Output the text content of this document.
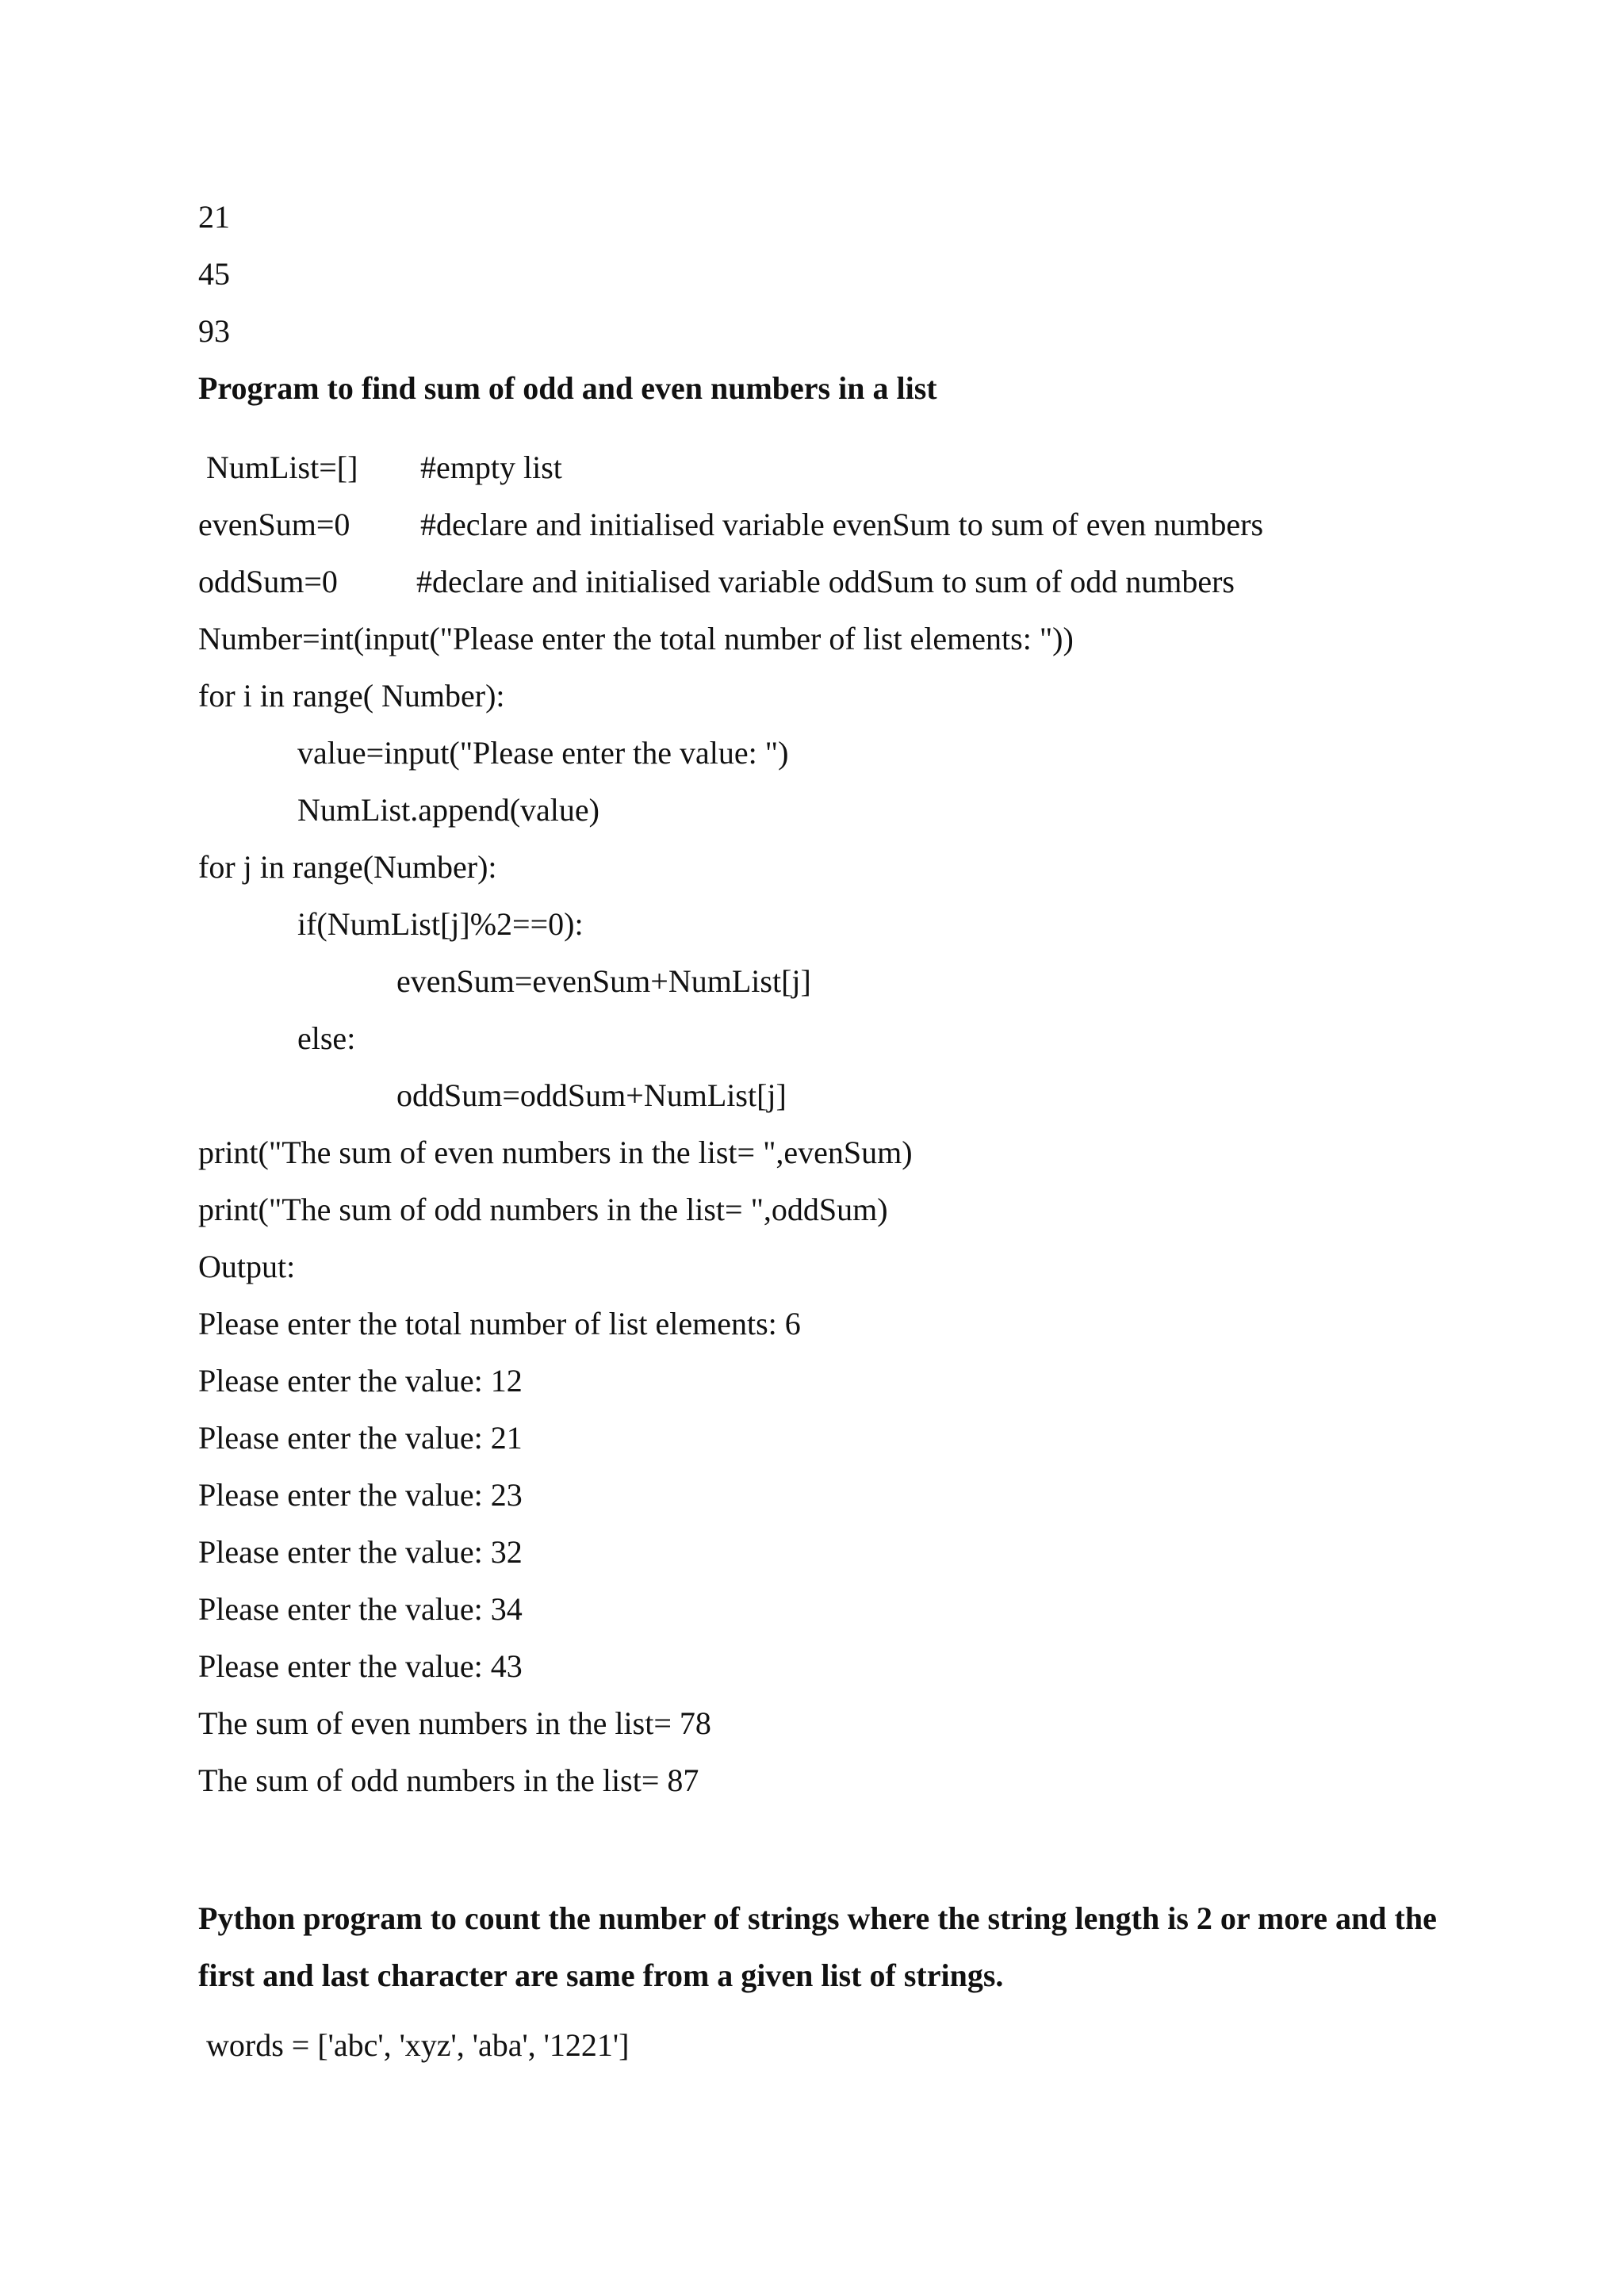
21
45
93
Program to find sum of odd and even numbers in a list
NumList=[] #empty list
evenSum=0 #declare and initialised variable evenSum to sum of even numbers
oddSum=0 #declare and initialised variable oddSum to sum of odd numbers
Number=int(input("Please enter the total number of list elements: "))
for i in range( Number):
value=input("Please enter the value: ")
NumList.append(value)
for j in range(Number):
if(NumList[j]%2==0):
evenSum=evenSum+NumList[j]
else:
oddSum=oddSum+NumList[j]
print("The sum of even numbers in the list= ",evenSum)
print("The sum of odd numbers in the list= ",oddSum)
Output:
Please enter the total number of list elements: 6
Please enter the value: 12
Please enter the value: 21
Please enter the value: 23
Please enter the value: 32
Please enter the value: 34
Please enter the value: 43
The sum of even numbers in the list= 78
The sum of odd numbers in the list= 87
Python program to count the number of strings where the string length is 2 or more and the first and last character are same from a given list of strings.
words = ['abc', 'xyz', 'aba', '1221']
